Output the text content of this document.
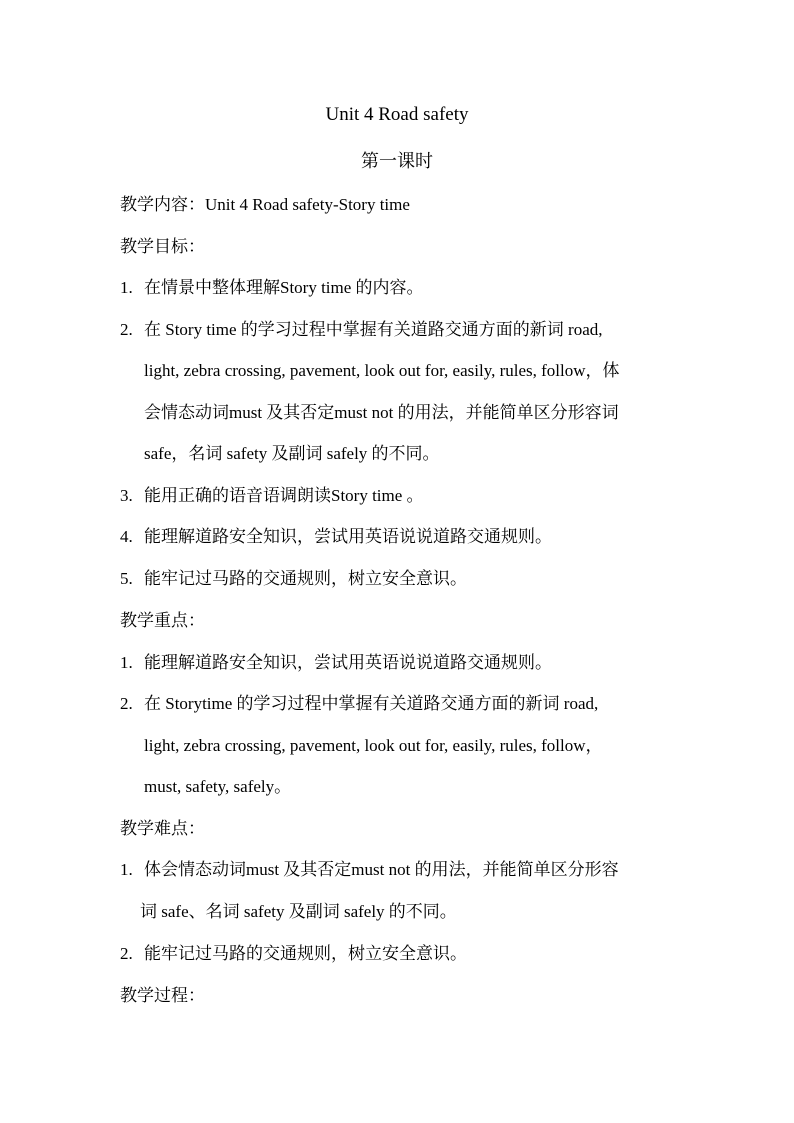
Unit 4 Road safety
第一课时
教学内容：Unit 4 Road safety-Story time
教学目标：
1. 在情景中整体理解Story time 的内容。
2. 在 Story time 的学习过程中掌握有关道路交通方面的新词 road,
light, zebra crossing, pavement, look out for, easily, rules, follow，体
会情态动词must 及其否定must not 的用法，并能简单区分形容词
safe，名词 safety 及副词 safely 的不同。
3. 能用正确的语音语调朗读Story time 。
4. 能理解道路安全知识，尝试用英语说说道路交通规则。
5. 能牢记过马路的交通规则，树立安全意识。
教学重点：
1. 能理解道路安全知识，尝试用英语说说道路交通规则。
2. 在 Storytime 的学习过程中掌握有关道路交通方面的新词 road,
light, zebra crossing, pavement, look out for, easily, rules, follow，
must, safety, safely。
教学难点：
1. 体会情态动词must 及其否定must not 的用法，并能简单区分形容
词 safe、名词 safety 及副词 safely 的不同。
2. 能牢记过马路的交通规则，树立安全意识。
教学过程：
